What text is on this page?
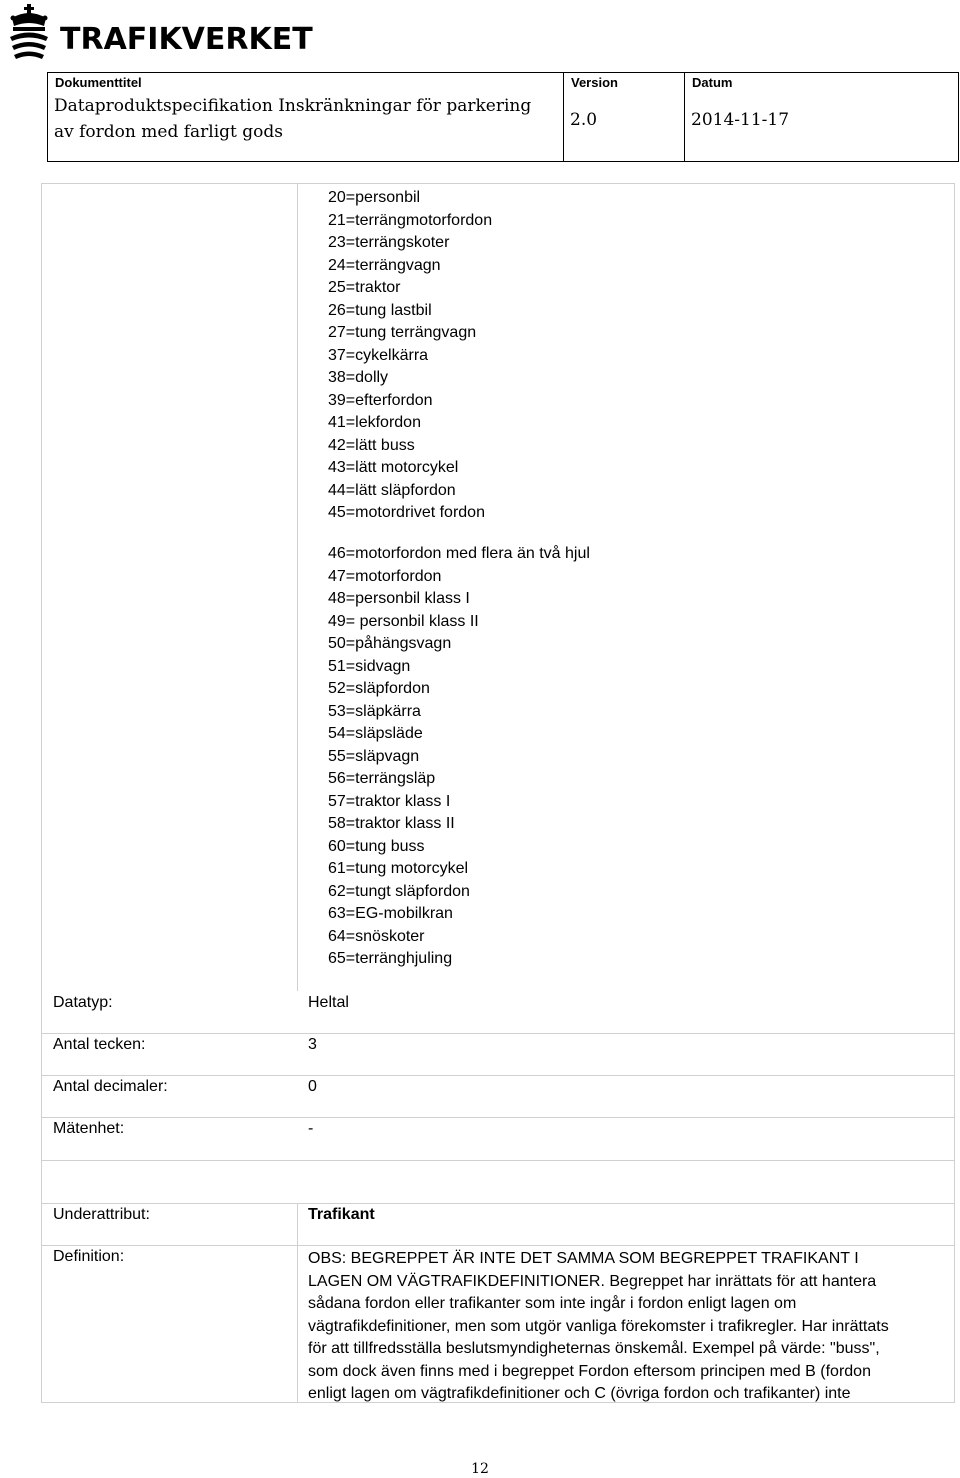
TRAFIKVERKET
Dokumenttitel
Dataproduktspecifikation Inskränkningar för parkering av fordon med farligt gods
Version
2.0
Datum
2014-11-17
20=personbil
21=terrängmotorfordon
23=terrängskoter
24=terrängvagn
25=traktor
26=tung lastbil
27=tung terrängvagn
37=cykelkärra
38=dolly
39=efterfordon
41=lekfordon
42=lätt buss
43=lätt motorcykel
44=lätt släpfordon
45=motordrivet fordon
46=motorfordon med flera än två hjul
47=motorfordon
48=personbil klass I
49= personbil klass II
50=påhängsvagn
51=sidvagn
52=släpfordon
53=släpkärra
54=släpsläde
55=släpvagn
56=terrängsläp
57=traktor klass I
58=traktor klass II
60=tung buss
61=tung motorcykel
62=tungt släpfordon
63=EG-mobilkran
64=snöskoter
65=terränghjuling
Datatyp:	Heltal
Antal tecken:	3
Antal decimaler:	0
Mätenhet:	-
Underattribut:	Trafikant
Definition:	OBS: BEGREPPET ÄR INTE DET SAMMA SOM BEGREPPET TRAFIKANT I LAGEN OM VÄGTRAFIKDEFINITIONER. Begreppet har inrättats för att hantera sådana fordon eller trafikanter som inte ingår i fordon enligt lagen om vägtrafikdefinitioner, men som utgör vanliga förekomster i trafikregler. Har inrättats för att tillfredsställa beslutsmyndigheternas önskemål. Exempel på värde: "buss", som dock även finns med i begreppet Fordon eftersom principen med B (fordon enligt lagen om vägtrafikdefinitioner och C (övriga fordon och trafikanter) inte
12
